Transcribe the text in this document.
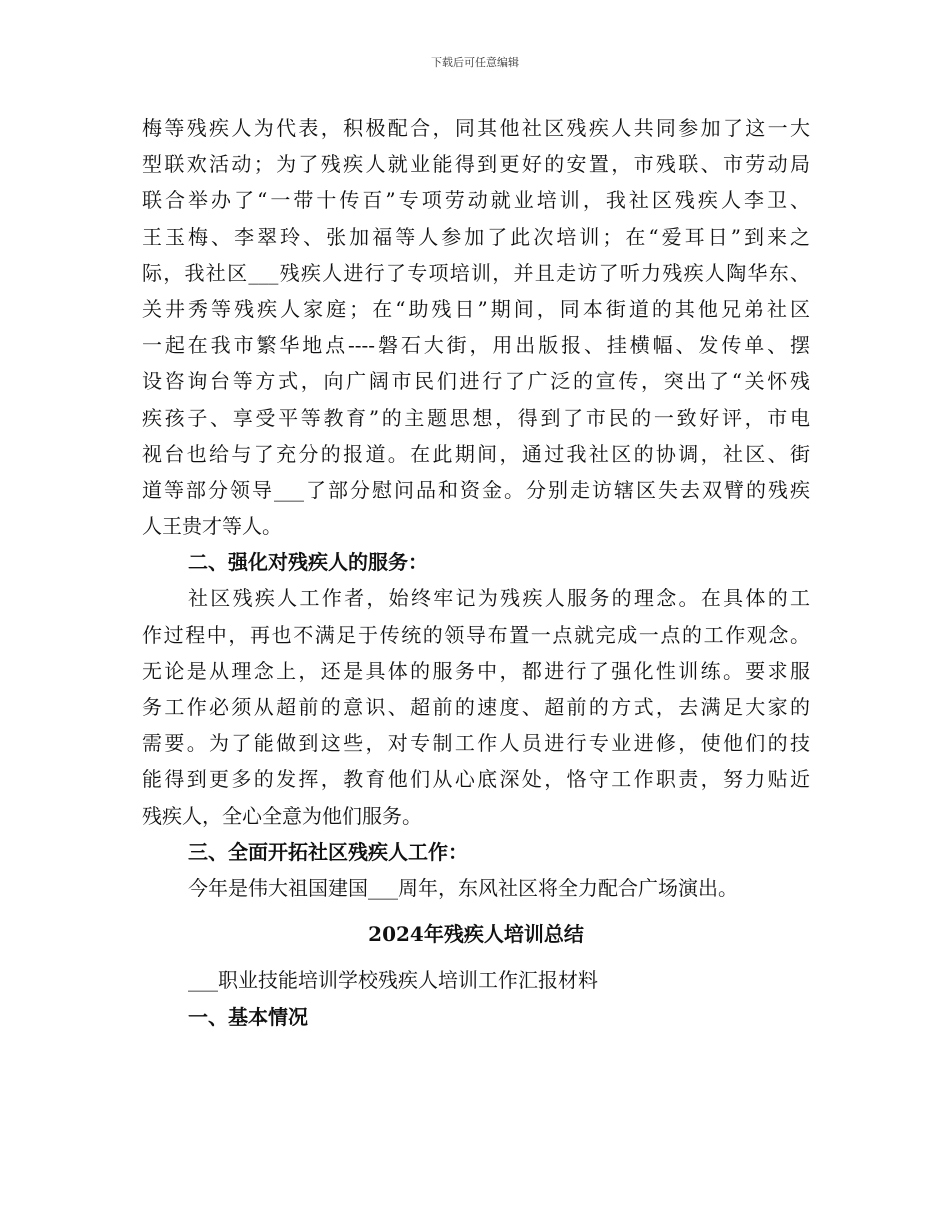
下载后可任意编辑
梅等残疾人为代表，积极配合，同其他社区残疾人共同参加了这一大
型联欢活动；为了残疾人就业能得到更好的安置，市残联、市劳动局
联合举办了“一带十传百”专项劳动就业培训，我社区残疾人李卫、
王玉梅、李翠玲、张加福等人参加了此次培训；在“爱耳日”到来之
际，我社区___残疾人进行了专项培训，并且走访了听力残疾人陶华东、
关井秀等残疾人家庭；在“助残日”期间，同本街道的其他兄弟社区
一起在我市繁华地点----磐石大街，用出版报、挂横幅、发传单、摆
设咨询台等方式，向广阔市民们进行了广泛的宣传，突出了“关怀残
疾孩子、享受平等教育”的主题思想，得到了市民的一致好评，市电
视台也给与了充分的报道。在此期间，通过我社区的协调，社区、街
道等部分领导___了部分慰问品和资金。分别走访辖区失去双臂的残疾
人王贵才等人。
二、强化对残疾人的服务：
社区残疾人工作者，始终牢记为残疾人服务的理念。在具体的工
作过程中，再也不满足于传统的领导布置一点就完成一点的工作观念。
无论是从理念上，还是具体的服务中，都进行了强化性训练。要求服
务工作必须从超前的意识、超前的速度、超前的方式，去满足大家的
需要。为了能做到这些，对专制工作人员进行专业进修，使他们的技
能得到更多的发挥，教育他们从心底深处，恪守工作职责，努力贴近
残疾人，全心全意为他们服务。
三、全面开拓社区残疾人工作：
今年是伟大祖国建国___周年，东风社区将全力配合广场演出。
2024年残疾人培训总结
___职业技能培训学校残疾人培训工作汇报材料
一、基本情况
